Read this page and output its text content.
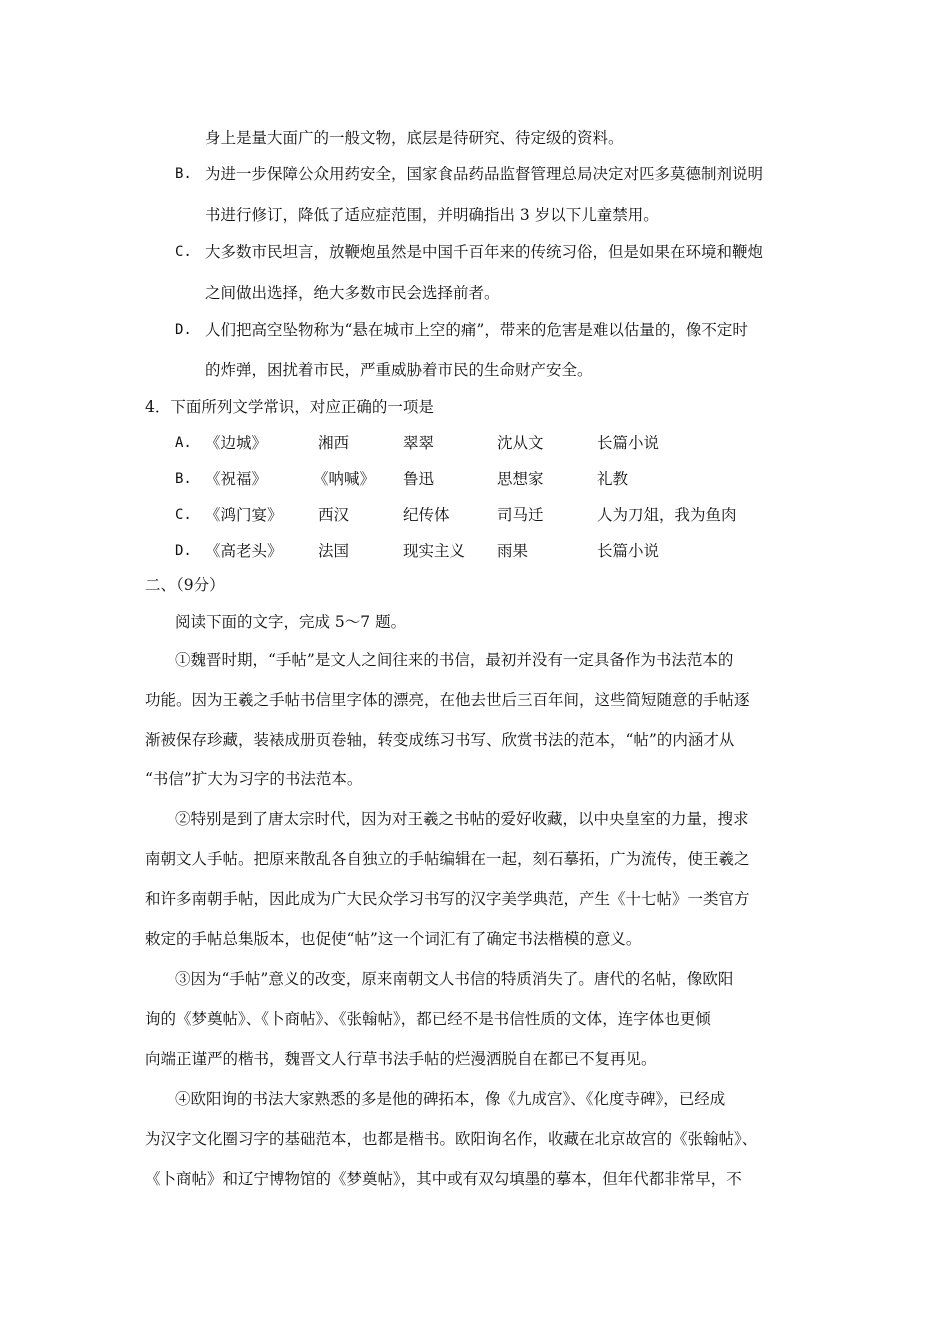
身上是量大面广的一般文物，底层是待研究、待定级的资料。
B. 为进一步保障公众用药安全，国家食品药品监督管理总局决定对匹多莫德制剂说明
书进行修订，降低了适应症范围，并明确指出 3 岁以下儿童禁用。
C. 大多数市民坦言，放鞭炮虽然是中国千百年来的传统习俗，但是如果在环境和鞭炮
之间做出选择，绝大多数市民会选择前者。
D. 人们把高空坠物称为“悬在城市上空的痛”，带来的危害是难以估量的，像不定时
的炸弹，困扰着市民，严重威胁着市民的生命财产安全。
4．下面所列文学常识，对应正确的一项是
A. 《边城》	湘西	翠翠	沈从文	长篇小说
B. 《祝福》	《呐喊》 鲁迅	思想家	礼教
C. 《鸿门宴》 西汉	纪传体	司马迁	人为刀俎，我为鱼肉
D. 《高老头》 法国	现实主义 雨果	长篇小说
二、（9分）
阅读下面的文字，完成 5～7 题。
①魏晋时期，“手帖”是文人之间往来的书信，最初并没有一定具备作为书法范本的
功能。因为王羲之手帖书信里字体的漂亮，在他去世后三百年间，这些简短随意的手帖逐
渐被保存珍藏，装裱成册页卷轴，转变成练习书写、欣赏书法的范本，“帖”的内涵才从
“书信”扩大为习字的书法范本。
②特别是到了唐太宗时代，因为对王羲之书帖的爱好收藏，以中央皇室的力量，搜求
南朝文人手帖。把原来散乱各自独立的手帖编辑在一起，刻石摹拓，广为流传，使王羲之
和许多南朝手帖，因此成为广大民众学习书写的汉字美学典范，产生《十七帖》一类官方
敕定的手帖总集版本，也促使“帖”这一个词汇有了确定书法楷模的意义。
③因为“手帖”意义的改变，原来南朝文人书信的特质消失了。唐代的名帖，像欧阳
询的《梦奠帖》、《卜商帖》、《张翰帖》，都已经不是书信性质的文体，连字体也更倾
向端正谨严的楷书，魏晋文人行草书法手帖的烂漫洒脱自在都已不复再见。
④欧阳询的书法大家熟悉的多是他的碑拓本，像《九成宫》、《化度寺碑》，已经成
为汉字文化圈习字的基础范本，也都是楷书。欧阳询名作，收藏在北京故宫的《张翰帖》、
《卜商帖》和辽宁博物馆的《梦奠帖》，其中或有双勾填墨的摹本，但年代都非常早，不
